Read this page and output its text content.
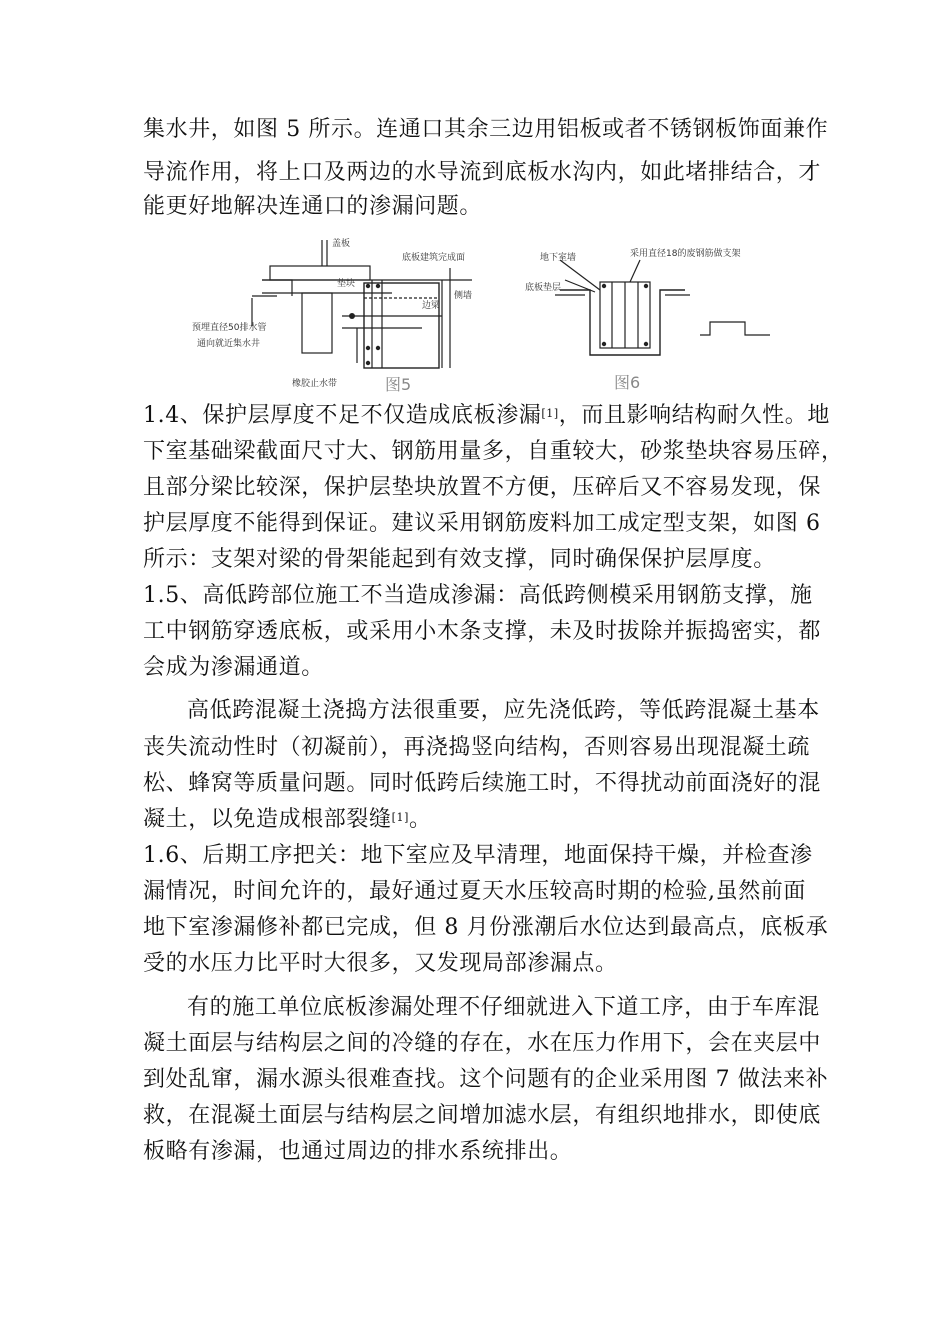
集水井，如图 5 所示。连通口其余三边用铝板或者不锈钢板饰面兼作
导流作用，将上口及两边的水导流到底板水沟内，如此堵排结合，才
能更好地解决连通口的渗漏问题。
盖板
底板建筑完成面
垫块
边梁
侧墙
预埋直径50排水管
通向就近集水井
橡胶止水带	图5
地下室墙
底板垫层
采用直径18的废钢筋做支架
图6
1.4、保护层厚度不足不仅造成底板渗漏[1]，而且影响结构耐久性。地
下室基础梁截面尺寸大、钢筋用量多，自重较大，砂浆垫块容易压碎，
且部分梁比较深，保护层垫块放置不方便，压碎后又不容易发现，保
护层厚度不能得到保证。建议采用钢筋废料加工成定型支架，如图 6
所示：支架对梁的骨架能起到有效支撑，同时确保保护层厚度。
1.5、高低跨部位施工不当造成渗漏：高低跨侧模采用钢筋支撑，施
工中钢筋穿透底板，或采用小木条支撑，未及时拔除并振捣密实，都
会成为渗漏通道。
高低跨混凝土浇捣方法很重要，应先浇低跨，等低跨混凝土基本
丧失流动性时（初凝前），再浇捣竖向结构，否则容易出现混凝土疏
松、蜂窝等质量问题。同时低跨后续施工时，不得扰动前面浇好的混
凝土，以免造成根部裂缝[1]。
1.6、后期工序把关：地下室应及早清理，地面保持干燥，并检查渗
漏情况，时间允许的，最好通过夏天水压较高时期的检验,虽然前面
地下室渗漏修补都已完成，但 8 月份涨潮后水位达到最高点，底板承
受的水压力比平时大很多，又发现局部渗漏点。
有的施工单位底板渗漏处理不仔细就进入下道工序，由于车库混
凝土面层与结构层之间的冷缝的存在，水在压力作用下，会在夹层中
到处乱窜，漏水源头很难查找。这个问题有的企业采用图 7 做法来补
救，在混凝土面层与结构层之间增加滤水层，有组织地排水，即使底
板略有渗漏，也通过周边的排水系统排出。
